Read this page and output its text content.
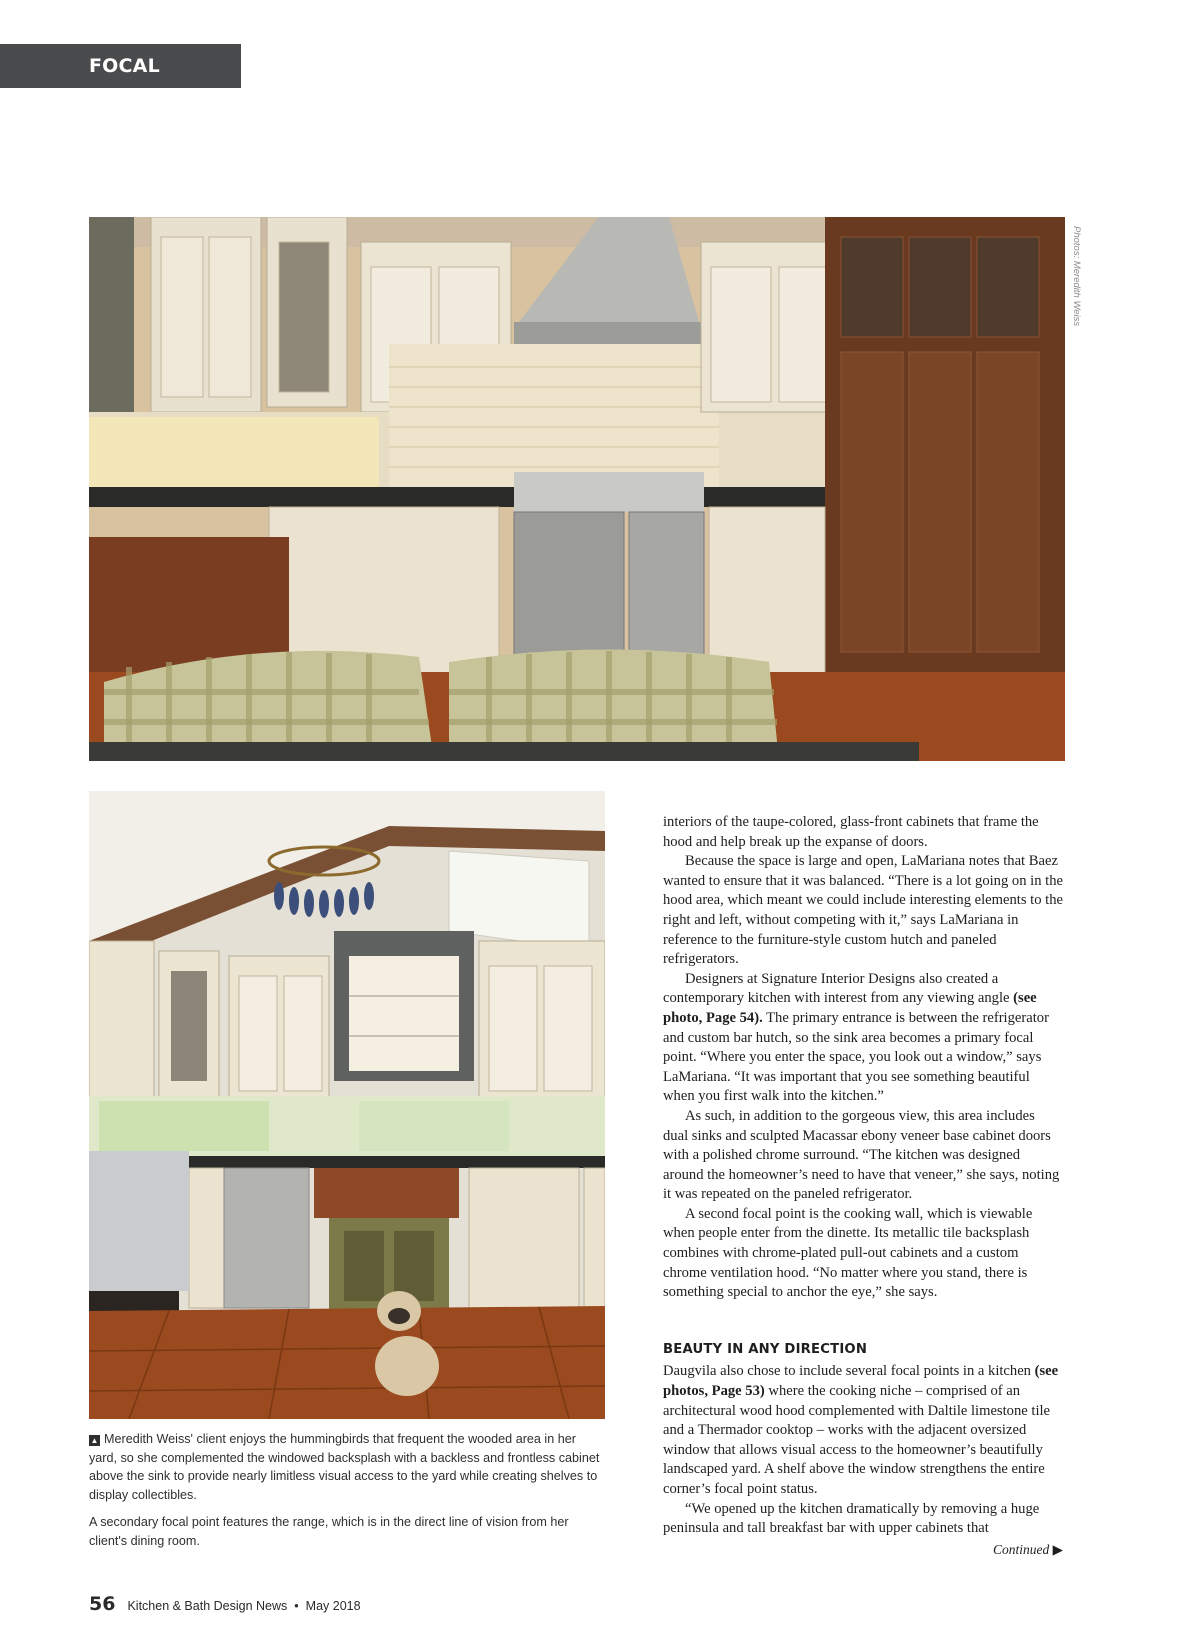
FOCAL POINTS
Photos: Meredith Weiss

▲ Meredith Weiss' client enjoys the hummingbirds that frequent the wooded area in her yard, so she complemented the windowed backsplash with a backless and frontless cabinet above the sink to provide nearly limitless visual access to the yard while creating shelves to display collectibles.

A secondary focal point features the range, which is in the direct line of vision from her client's dining room.

interiors of the taupe-colored, glass-front cabinets that frame the hood and help break up the expanse of doors.

Because the space is large and open, LaMariana notes that Baez wanted to ensure that it was balanced. “There is a lot going on in the hood area, which meant we could include interesting elements to the right and left, without competing with it,” says LaMariana in reference to the furniture-style custom hutch and paneled refrigerators.

Designers at Signature Interior Designs also created a contemporary kitchen with interest from any viewing angle (see photo, Page 54). The primary entrance is between the refrigerator and custom bar hutch, so the sink area becomes a primary focal point. “Where you enter the space, you look out a window,” says LaMariana. “It was important that you see something beautiful when you first walk into the kitchen.”

As such, in addition to the gorgeous view, this area includes dual sinks and sculpted Macassar ebony veneer base cabinet doors with a polished chrome surround. “The kitchen was designed around the homeowner’s need to have that veneer,” she says, noting it was repeated on the paneled refrigerator.

A second focal point is the cooking wall, which is viewable when people enter from the dinette. Its metallic tile backsplash combines with chrome-plated pull-out cabinets and a custom chrome ventilation hood. “No matter where you stand, there is something special to anchor the eye,” she says.

BEAUTY IN ANY DIRECTION

Daugvila also chose to include several focal points in a kitchen (see photos, Page 53) where the cooking niche – comprised of an architectural wood hood complemented with Daltile limestone tile and a Thermador cooktop – works with the adjacent oversized window that allows visual access to the homeowner’s beautifully landscaped yard. A shelf above the window strengthens the entire corner’s focal point status.

“We opened up the kitchen dramatically by removing a huge peninsula and tall breakfast bar with upper cabinets that

Continued ▶
56 Kitchen & Bath Design News • May 2018
